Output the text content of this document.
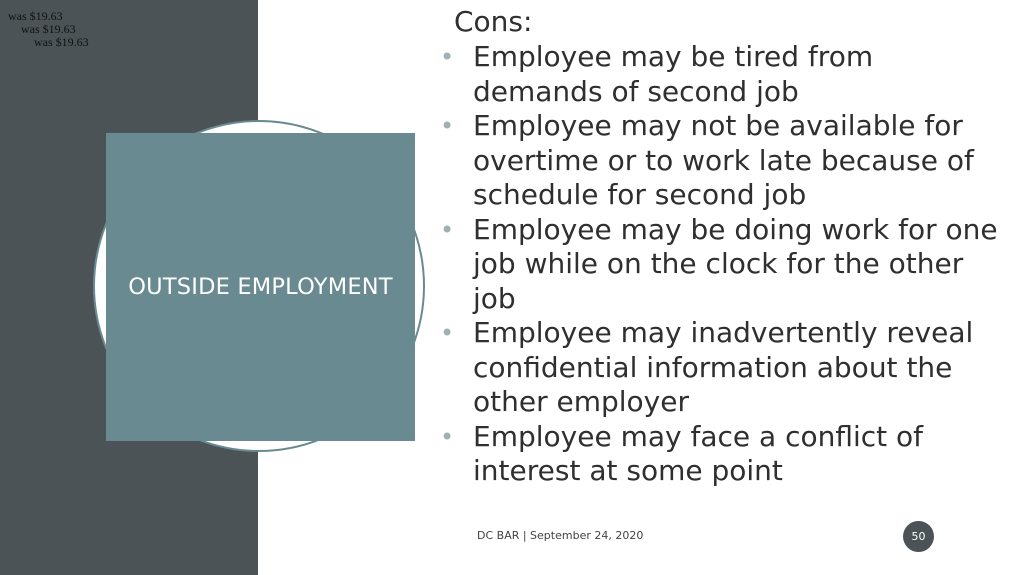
was $19.63
was $19.63
was $19.63
OUTSIDE EMPLOYMENT
Cons:
• Employee may be tired from demands of second job
• Employee may not be available for overtime or to work late because of schedule for second job
• Employee may be doing work for one job while on the clock for the other job
• Employee may inadvertently reveal confidential information about the other employer
• Employee may face a conflict of interest at some point
DC BAR | September 24, 2020	50
